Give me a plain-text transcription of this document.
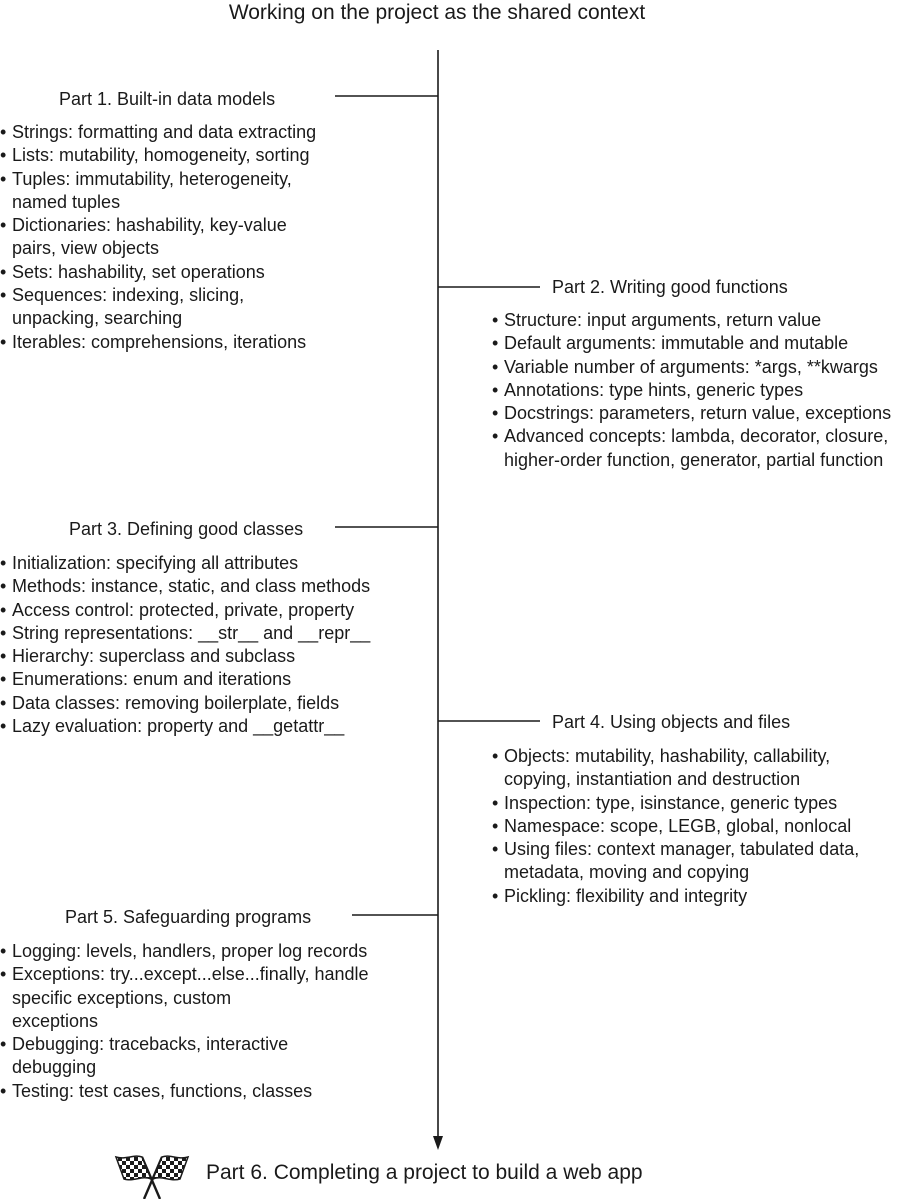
Working on the project as the shared context
Part 1. Built-in data models
• Strings: formatting and data extracting
• Lists: mutability, homogeneity, sorting
• Tuples: immutability, heterogeneity,
named tuples
• Dictionaries: hashability, key-value
pairs, view objects
• Sets: hashability, set operations
• Sequences: indexing, slicing,
unpacking, searching
• Iterables: comprehensions, iterations
Part 2. Writing good functions
• Structure: input arguments, return value
• Default arguments: immutable and mutable
• Variable number of arguments: *args, **kwargs
• Annotations: type hints, generic types
• Docstrings: parameters, return value, exceptions
• Advanced concepts: lambda, decorator, closure,
higher-order function, generator, partial function
Part 3. Defining good classes
• Initialization: specifying all attributes
• Methods: instance, static, and class methods
• Access control: protected, private, property
• String representations: __str__ and __repr__
• Hierarchy: superclass and subclass
• Enumerations: enum and iterations
• Data classes: removing boilerplate, fields
• Lazy evaluation: property and __getattr__	Part 4. Using objects and files
• Objects: mutability, hashability, callability,
copying, instantiation and destruction
• Inspection: type, isinstance, generic types
• Namespace: scope, LEGB, global, nonlocal
• Using files: context manager, tabulated data,
metadata, moving and copying
• Pickling: flexibility and integrity
Part 5. Safeguarding programs
• Logging: levels, handlers, proper log records
• Exceptions: try...except...else...finally, handle
specific exceptions, custom
exceptions
• Debugging: tracebacks, interactive
debugging
• Testing: test cases, functions, classes
Part 6. Completing a project to build a web app
